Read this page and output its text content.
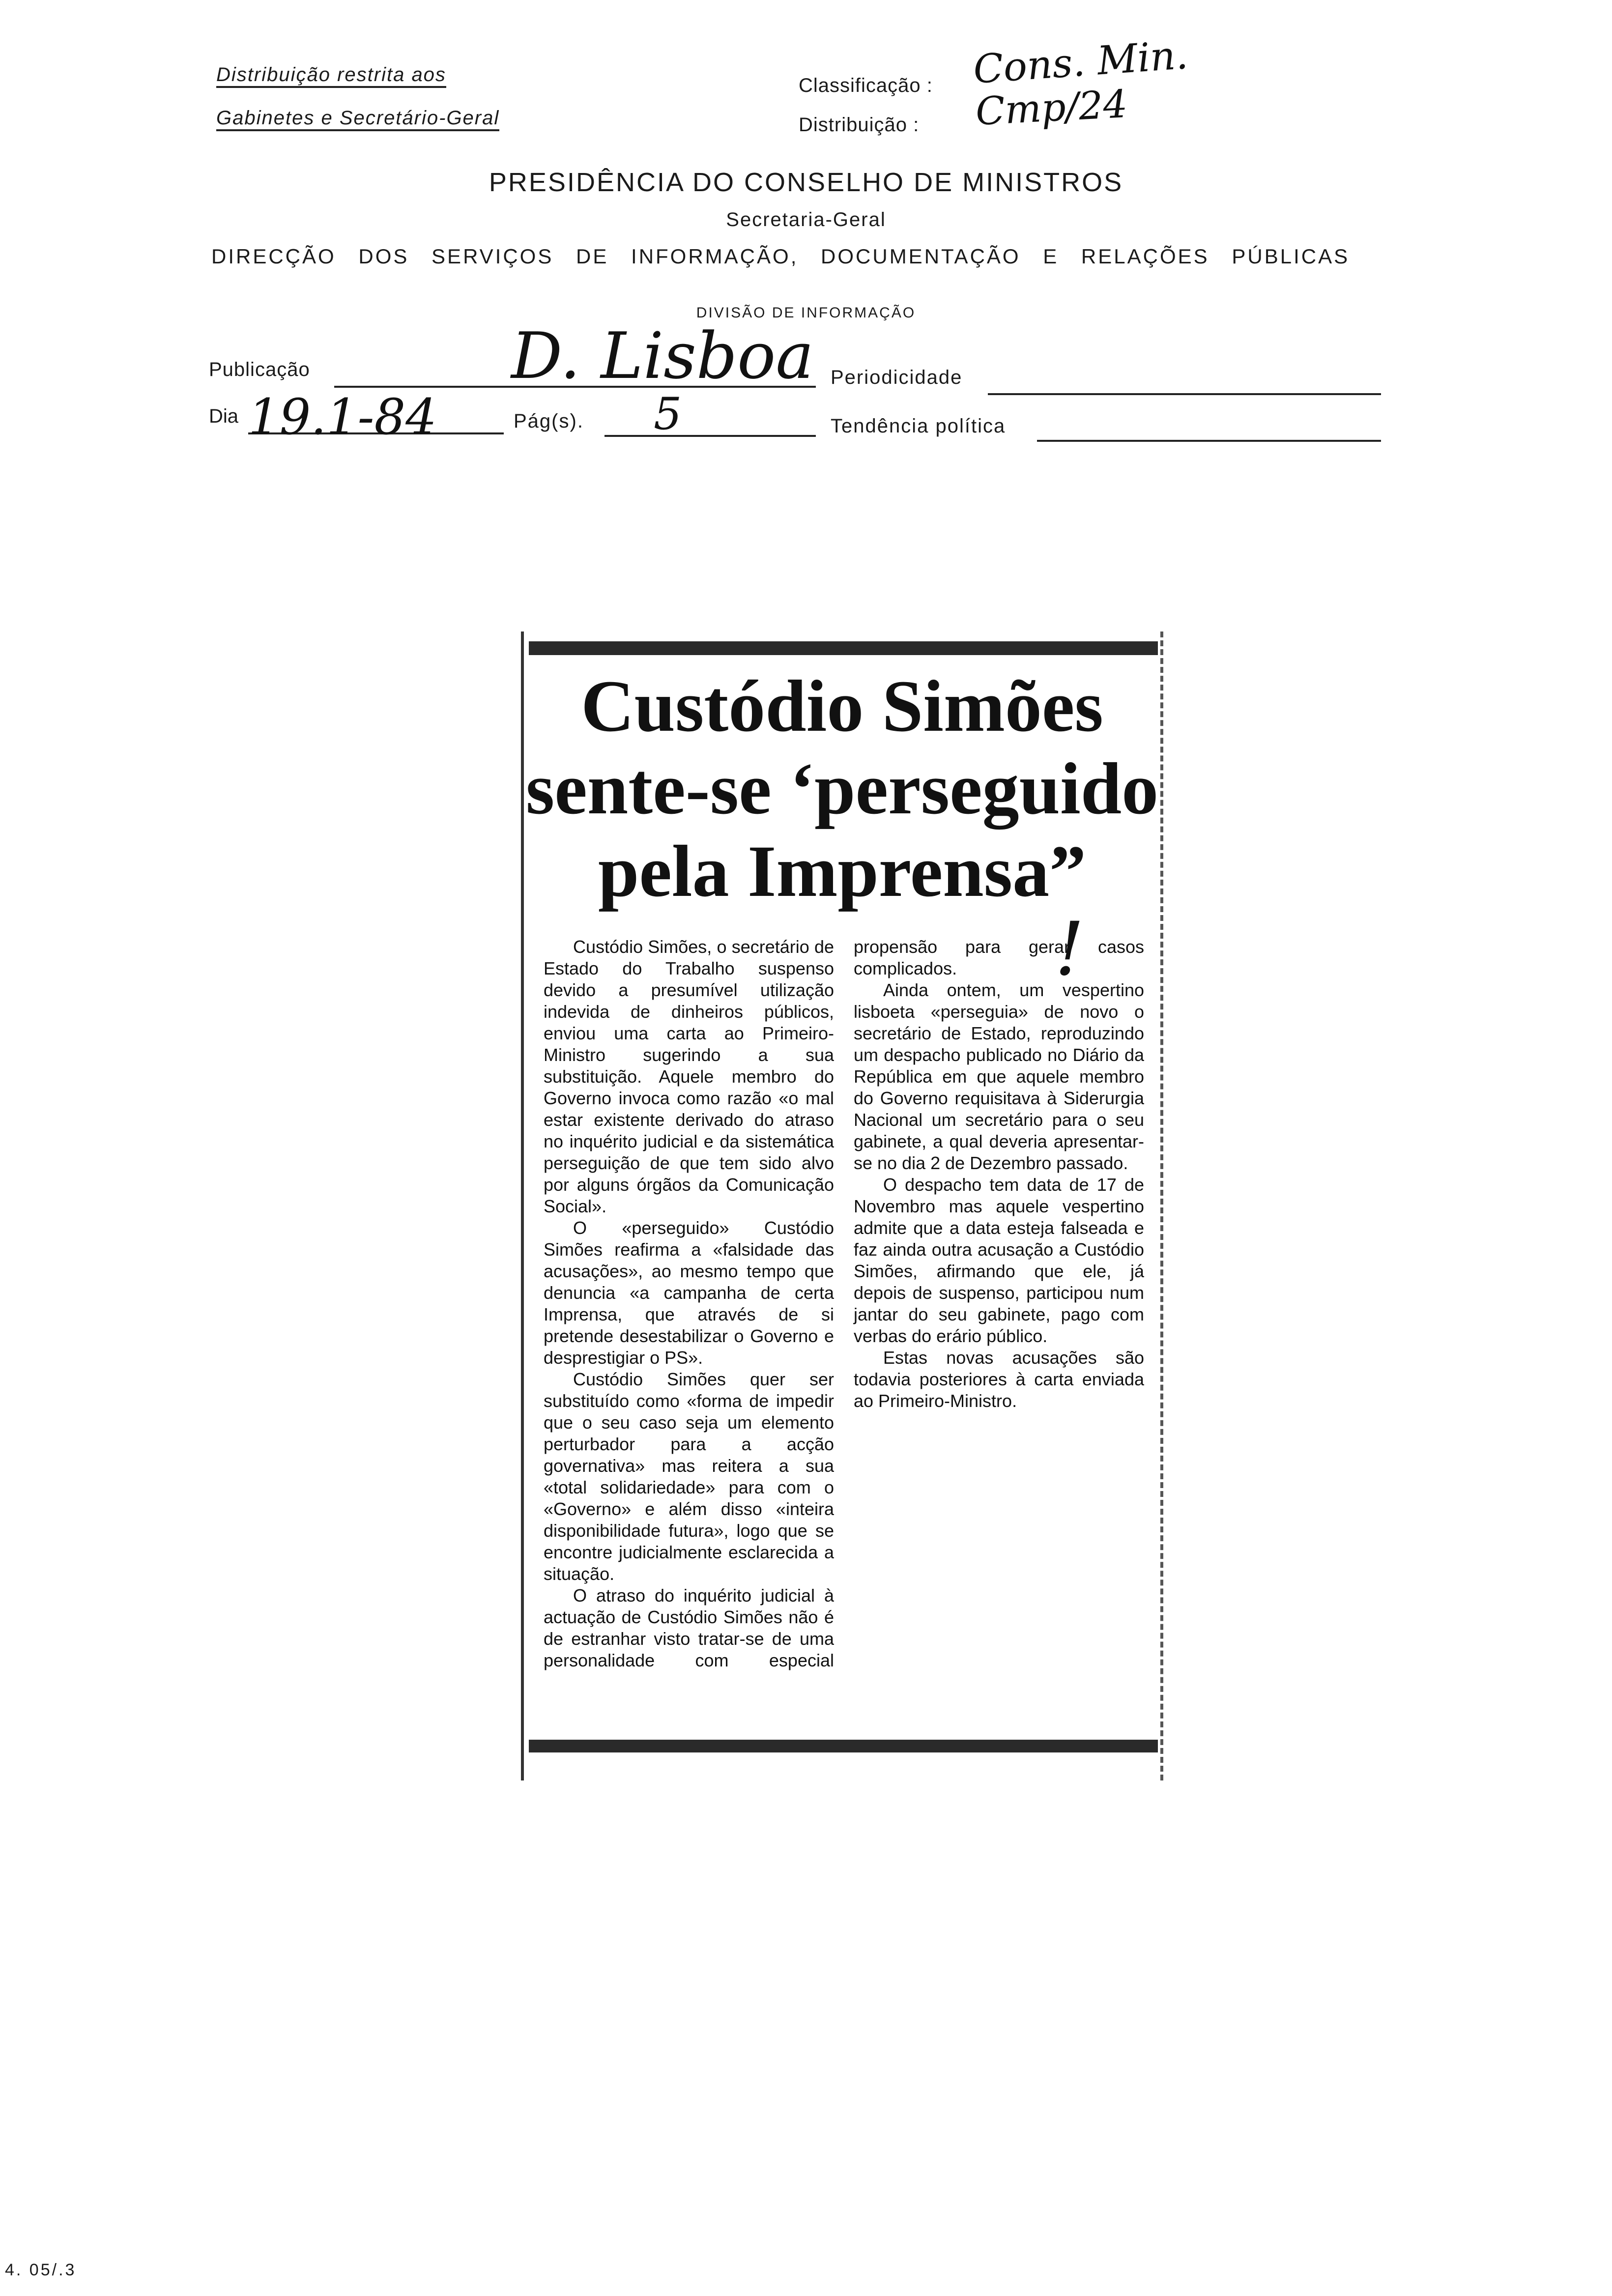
Distribuição restrita aos
Gabinetes e Secretário-Geral
Classificação : Cons. Min.
Distribuição : Cmp/24
PRESIDÊNCIA DO CONSELHO DE MINISTROS
Secretaria-Geral
DIRECÇÃO DOS SERVIÇOS DE INFORMAÇÃO, DOCUMENTAÇÃO E RELAÇÕES PÚBLICAS
DIVISÃO DE INFORMAÇÃO
Publicação	D. Lisboa Periodicidade
Dia 19.1-84	Pág(s). 5	Tendência política
Custódio Simões
sente-se ‘perseguido
pela Imprensa”
!

Custódio Simões, o secretário de Estado do Trabalho suspenso devido a presumível utilização indevida de dinheiros públicos, enviou uma carta ao Primeiro-Ministro sugerindo a sua substituição. Aquele membro do Governo invoca como razão «o mal estar existente derivado do atraso no inquérito judicial e da sistemática perseguição de que tem sido alvo por alguns órgãos da Comunicação Social».

O «perseguido» Custódio Simões reafirma a «falsidade das acusações», ao mesmo tempo que denuncia «a campanha de certa Imprensa, que através de si pretende desestabilizar o Governo e desprestigiar o PS».

Custódio Simões quer ser substituído como «forma de impedir que o seu caso seja um elemento perturbador para a acção governativa» mas reitera a sua «total solidariedade» para com o «Governo» e além disso «inteira disponibilidade futura», logo que se encontre judicialmente esclarecida a situação.

O atraso do inquérito judicial à actuação de Custódio Simões não é de estranhar visto tratar-se de uma personalidade com especial propensão para gerar casos complicados.

Ainda ontem, um vespertino lisboeta «perseguia» de novo o secretário de Estado, reproduzindo um despacho publicado no Diário da República em que aquele membro do Governo requisitava à Siderurgia Nacional um secretário para o seu gabinete, a qual deveria apresentar-se no dia 2 de Dezembro passado.

O despacho tem data de 17 de Novembro mas aquele vespertino admite que a data esteja falseada e faz ainda outra acusação a Custódio Simões, afirmando que ele, já depois de suspenso, participou num jantar do seu gabinete, pago com verbas do erário público.

Estas novas acusações são todavia posteriores à carta enviada ao Primeiro-Ministro.

4. 05/.3
